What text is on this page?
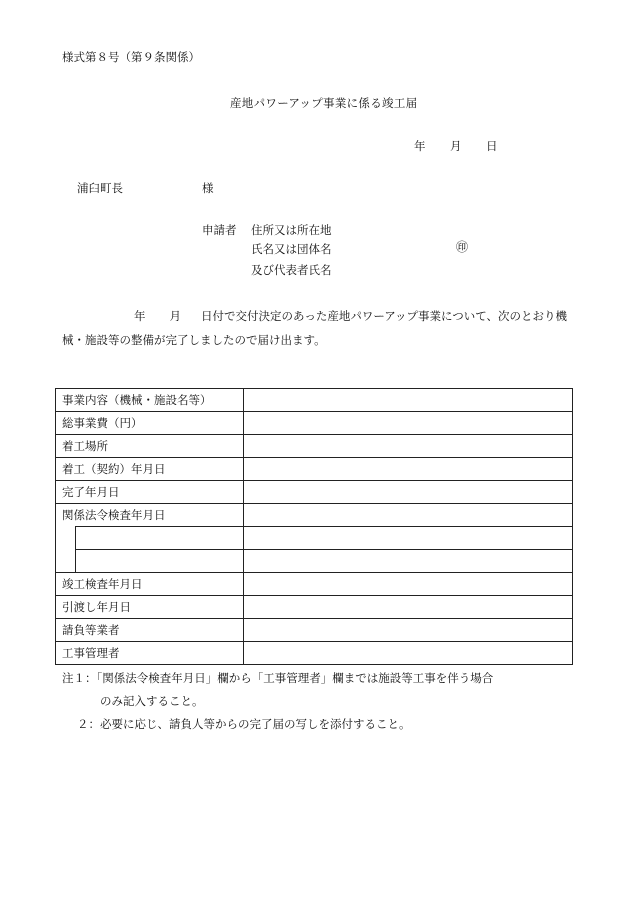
様式第８号（第９条関係）
産地パワーアップ事業に係る竣工届
年 月 日
浦臼町長	様
申請者 住所又は所在地
氏名又は団体名
及び代表者氏名
㊞
年 月 日付で交付決定のあった産地パワーアップ事業について、次のとおり機械・施設等の整備が完了しましたので届け出ます。
事業内容（機械・施設名等）		
総事業費（円）		
着工場所		
着工（契約）年月日		
完了年月日		
関係法令検査年月日		

竣工検査年月日		
引渡し年月日		
請負等業者		
工事管理者		
注１：「関係法令検査年月日」欄から「工事管理者」欄までは施設等工事を伴う場合
のみ記入すること。
２：必要に応じ、請負人等からの完了届の写しを添付すること。
